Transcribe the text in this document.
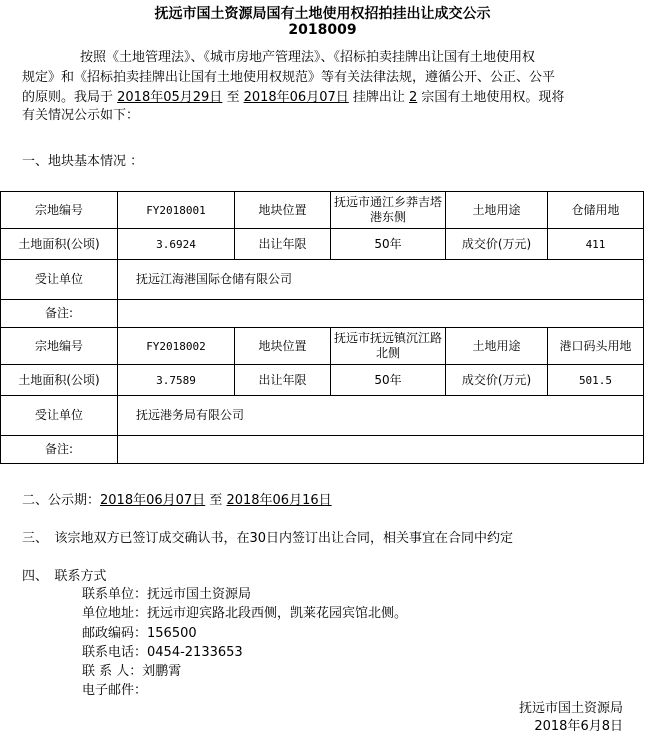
抚远市国土资源局国有土地使用权招拍挂出让成交公示
2018009
按照《土地管理法》、《城市房地产管理法》、《招标拍卖挂牌出让国有土地使用权
规定》和《招标拍卖挂牌出让国有土地使用权规范》等有关法律法规，遵循公开、公正、公平
的原则。我局于 2018年05月29日 至 2018年06月07日 挂牌出让 2 宗国有土地使用权。现将
有关情况公示如下：
一、地块基本情况 ：
宗地编号	FY2018001	地块位置	抚远市通江乡莽吉塔港东侧	土地用途	仓储用地
土地面积(公顷)	3.6924	出让年限	50年	成交价(万元)	411
受让单位	抚远江海港国际仓储有限公司				
备注:					
宗地编号	FY2018002	地块位置	抚远市抚远镇沉江路北侧	土地用途	港口码头用地
土地面积(公顷)	3.7589	出让年限	50年	成交价(万元)	501.5
受让单位	抚远港务局有限公司				
备注:					
二、公示期：2018年06月07日 至 2018年06月16日
三、　该宗地双方已签订成交确认书，在30日内签订出让合同，相关事宜在合同中约定
四、　联系方式
联系单位：抚远市国土资源局
单位地址：抚远市迎宾路北段西侧，凯莱花园宾馆北侧。
邮政编码：156500
联系电话：0454-2133653
联 系 人：刘鹏霄
电子邮件：
抚远市国土资源局
2018年6月8日
